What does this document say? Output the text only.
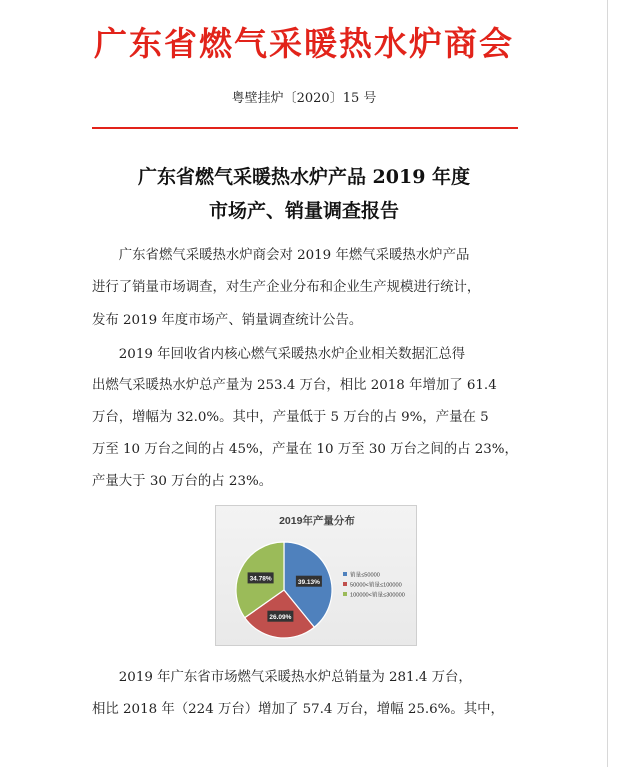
广东省燃气采暖热水炉商会
粤壁挂炉〔2020〕15 号
广东省燃气采暖热水炉产品 2019 年度
市场产、销量调查报告
　　广东省燃气采暖热水炉商会对 2019 年燃气采暖热水炉产品
进行了销量市场调查，对生产企业分布和企业生产规模进行统计，
发布 2019 年度市场产、销量调查统计公告。
　　2019 年回收省内核心燃气采暖热水炉企业相关数据汇总得
出燃气采暖热水炉总产量为 253.4 万台，相比 2018 年增加了 61.4
万台，增幅为 32.0%。其中，产量低于 5 万台的占 9%，产量在 5
万至 10 万台之间的占 45%，产量在 10 万至 30 万台之间的占 23%，
产量大于 30 万台的占 23%。
2019年产量分布
39.13%
26.09%
34.78%	销量≤50000
50000<销量≤100000
100000<销量≤300000
　　2019 年广东省市场燃气采暖热水炉总销量为 281.4 万台，
相比 2018 年（224 万台）增加了 57.4 万台，增幅 25.6%。其中，
